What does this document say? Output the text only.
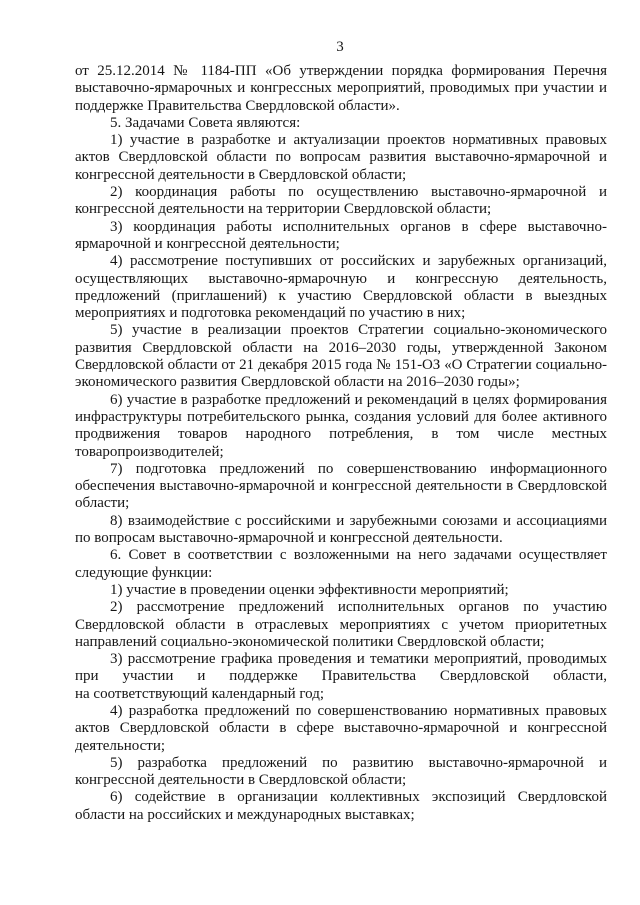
3
от 25.12.2014 № 1184-ПП «Об утверждении порядка формирования Перечня
выставочно-ярмарочных и конгрессных мероприятий, проводимых при участии и
поддержке Правительства Свердловской области».
5. Задачами Совета являются:
1) участие в разработке и актуализации проектов нормативных правовых
актов Свердловской области по вопросам развития выставочно-ярмарочной и
конгрессной деятельности в Свердловской области;
2) координация работы по осуществлению выставочно-ярмарочной и
конгрессной деятельности на территории Свердловской области;
3) координация работы исполнительных органов в сфере выставочно-
ярмарочной и конгрессной деятельности;
4) рассмотрение поступивших от российских и зарубежных организаций,
осуществляющих выставочно-ярмарочную и конгрессную деятельность,
предложений (приглашений) к участию Свердловской области в выездных
мероприятиях и подготовка рекомендаций по участию в них;
5) участие в реализации проектов Стратегии социально-экономического
развития Свердловской области на 2016–2030 годы, утвержденной Законом
Свердловской области от 21 декабря 2015 года № 151-ОЗ «О Стратегии социально-
экономического развития Свердловской области на 2016–2030 годы»;
6) участие в разработке предложений и рекомендаций в целях формирования
инфраструктуры потребительского рынка, создания условий для более активного
продвижения товаров народного потребления, в том числе местных
товаропроизводителей;
7) подготовка предложений по совершенствованию информационного
обеспечения выставочно-ярмарочной и конгрессной деятельности в Свердловской
области;
8) взаимодействие с российскими и зарубежными союзами и ассоциациями
по вопросам выставочно-ярмарочной и конгрессной деятельности.
6. Совет в соответствии с возложенными на него задачами осуществляет
следующие функции:
1) участие в проведении оценки эффективности мероприятий;
2) рассмотрение предложений исполнительных органов по участию
Свердловской области в отраслевых мероприятиях с учетом приоритетных
направлений социально-экономической политики Свердловской области;
3) рассмотрение графика проведения и тематики мероприятий, проводимых
при участии и поддержке Правительства Свердловской области,
на соответствующий календарный год;
4) разработка предложений по совершенствованию нормативных правовых
актов Свердловской области в сфере выставочно-ярмарочной и конгрессной
деятельности;
5) разработка предложений по развитию выставочно-ярмарочной и
конгрессной деятельности в Свердловской области;
6) содействие в организации коллективных экспозиций Свердловской
области на российских и международных выставках;
